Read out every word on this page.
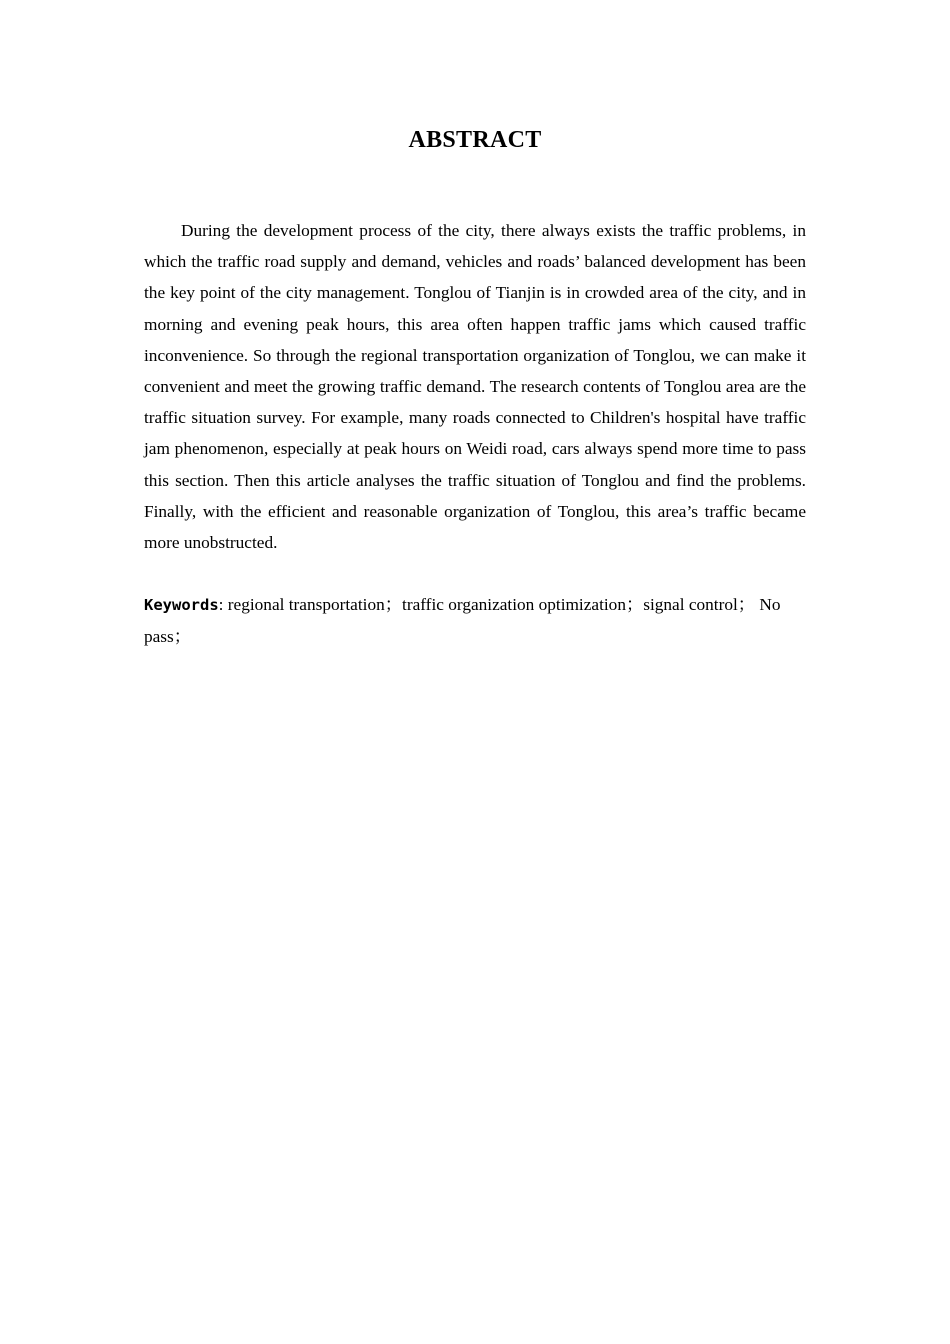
ABSTRACT

During the development process of the city, there always exists the traffic problems, in which the traffic road supply and demand, vehicles and roads’ balanced development has been the key point of the city management. Tonglou of Tianjin is in crowded area of the city, and in morning and evening peak hours, this area often happen traffic jams which caused traffic inconvenience. So through the regional transportation organization of Tonglou, we can make it convenient and meet the growing traffic demand. The research contents of Tonglou area are the traffic situation survey. For example, many roads connected to Children's hospital have traffic jam phenomenon, especially at peak hours on Weidi road, cars always spend more time to pass this section. Then this article analyses the traffic situation of Tonglou and find the problems. Finally, with the efficient and reasonable organization of Tonglou, this area’s traffic became more unobstructed.

Keywords: regional transportation；traffic organization optimization；signal control； No pass；
